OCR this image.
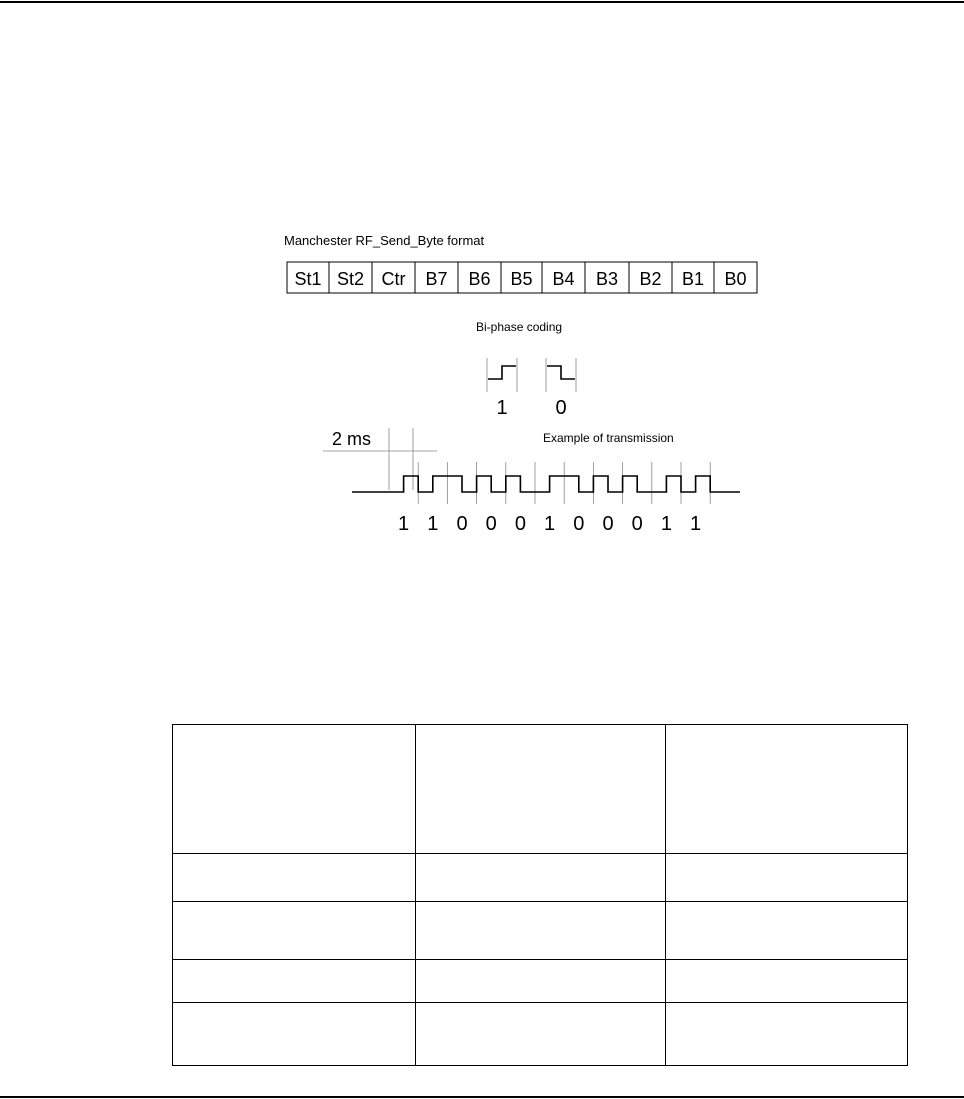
Manchester RF_Send_Byte format
St1 St2 Ctr B7 B6 B5 B4 B3 B2 B1 B0
Bi-phase coding
1 0
2 ms	Example of transmission
1 1 0 0 0 1 0 0 0 1 1
